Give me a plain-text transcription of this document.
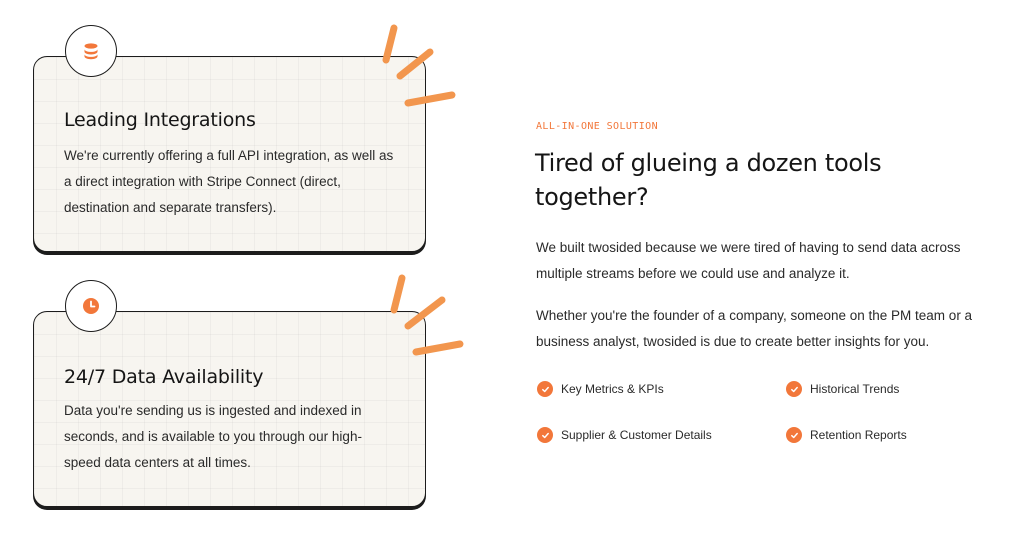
Leading Integrations
We're currently offering a full API integration, as well as a direct integration with Stripe Connect (direct, destination and separate transfers).
24/7 Data Availability
Data you're sending us is ingested and indexed in seconds, and is available to you through our high-speed data centers at all times.
ALL-IN-ONE SOLUTION
Tired of glueing a dozen tools together?

We built twosided because we were tired of having to send data across multiple streams before we could use and analyze it.

Whether you're the founder of a company, someone on the PM team or a business analyst, twosided is due to create better insights for you.

Key Metrics & KPIs	Historical Trends
Supplier & Customer Details	Retention Reports
